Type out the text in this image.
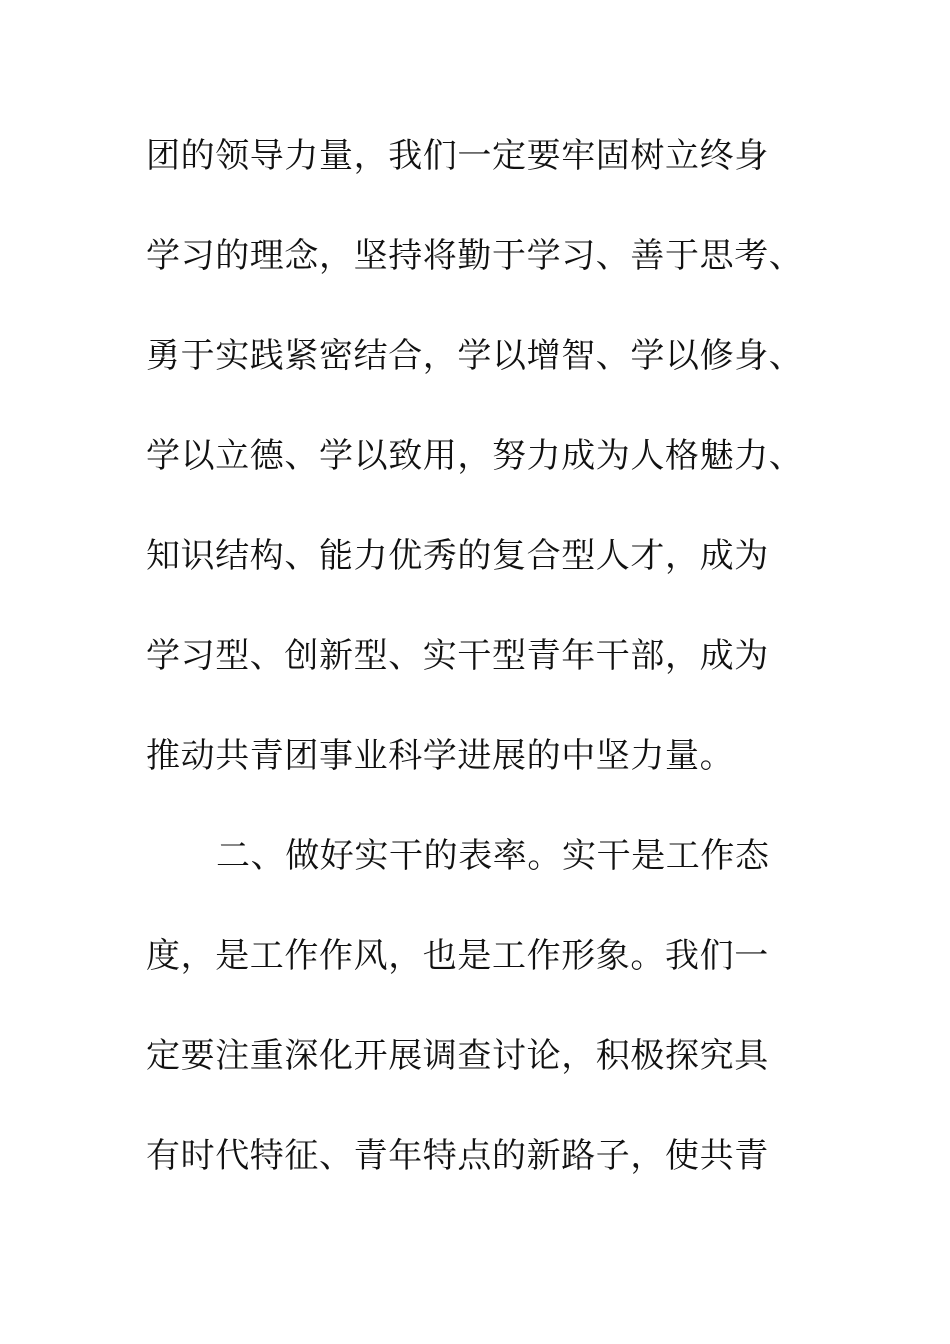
团的领导力量，我们一定要牢固树立终身
学习的理念，坚持将勤于学习、善于思考、
勇于实践紧密结合，学以增智、学以修身、
学以立德、学以致用，努力成为人格魅力、
知识结构、能力优秀的复合型人才，成为
学习型、创新型、实干型青年干部，成为
推动共青团事业科学进展的中坚力量。
二、做好实干的表率。实干是工作态
度，是工作作风，也是工作形象。我们一
定要注重深化开展调查讨论，积极探究具
有时代特征、青年特点的新路子，使共青
